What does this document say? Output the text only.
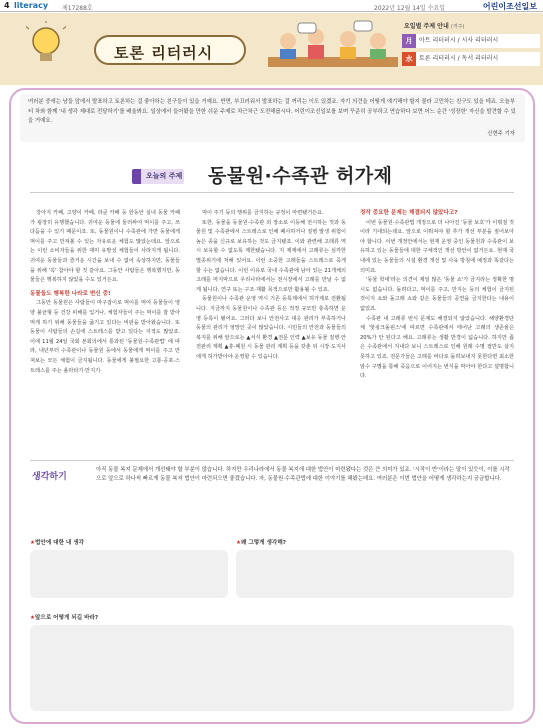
4 literacy 제17288호	2022년 12월 14일 수요일	어린이조선일보
토론 리터러시
요일별 주제 안내 (격주)
月	아트 리터러시 / 시사 리터러시
水	토론 리터러시 / 독서 리터러시
여러분 중에는 남들 앞에서 발표하고 토론하는 걸 좋아하는 친구들이 있을 거예요. 반면, 부끄러워서 발표하는 걸 꺼리는 이도 있겠죠. 자기 의견을 어떻게 얘기해야 할지 물라 고민하는 친구도 있을 테죠. 오늘부터 차와 함께 '내 생각 제대로 전달하기'를 배울봐요. 일상에서 들어봤을 만한 쉬운 주제로 차근차근 도전해봅시다. 어린이조선일보를 보며 꾸준히 공부하고 연습하다 보면 어느 순간 '성장한' 자신을 발견할 수 있을 거예요.
신현주 기자
오늘의 주제 동물원·수족관 허가제

강아지 카페, 고양이 카페, 라쿤 카페 등 한동안 실내 동물 카페가 굉장히 유행했습니다. 귀여운 동물에 둘러싸여 먹이를 주고, 쓰다듬을 수 있기 때문이죠. 또, 동물원이나 수족관에 가면 동물에게 먹이를 주고 만져볼 수 있는 자유로운 체험도 많았는데요. 앞으로는 이런 소비자들을 위한 재미 유발성 체험들이 사라지게 됩니다. 귀여운 동물들과 즐거운 시간을 보내 수 없어 속상하지만, 동물들을 위해 '꼭' 참아야 할 것 같아요. 그동안 사람들은 행복했지만, 동물들은 행복하지 않았을 수도 있거든요.

동물들도 행복한 나라로 변신 중!

그동안 동물원은 사람들이 마구잡이로 먹이를 먹여 동물들이 영양 불균형 등 건강 피해를 입거나, 체험자들이 주는 먹이를 잘 받아먹게 하기 위해 동물들을 굶기고 있다는 비판을 받아왔습니다. 또 동물이 사람들의 손길에 스트레스를 받고 있다는 지적도 많았죠. 이에 11월 24일 국회 본회의에서 통과된 '동물원·수족관법' 에 따라, 내년부터 수족관이나 동물원 등에서 동물에게 먹이를 주고 만져보는 모든 체험이 금지됩니다. 동물에게 불필요한 고통·공포·스트레스를 주는 올라타기·만지기·

먹이 주기 등의 행위를 금지하는 규정이 마련됐거든요.

또한, 동물을 동물원·수족관 외 장소로 이동해 전시하는 것과 동물원 및 수족관에서 스트레스로 인해 폐사하거나 질병 발생 위험이 높은 종을 신규로 보유하는 것도 금지됐죠. 이와 관련해 고래류 역시 보유할 수 없도록 제한됐습니다. 지 제재에서 고래류는 심각한 멸종위기에 처해 있어요. 이런 소중한 고래들을 스트레스로 죽게 할 수는 없습니다. 이런 이유로 국내 수족관에 남아 있는 21개체의 고래를 마지막으로 우리나라에서는 전시장에서 고래를 만날 수 없게 됩니다. 연구 또는 구조·재활 목적으로만 활용될 수 있죠.

동물원이나 수족관 운영 역시 기존 등록제에서 허가제로 전환됩니다. 지금까지 동물원이나 수족관 등은 적정 규모만 충족하면 운영 등록이 됐어요. 그러다 보니 안전사고 대응 관리가 부족하거나 동물의 관리가 엉망인 곳이 많았습니다. 시민들의 안전과 동물들의 복지를 위해 앞으로는 ▲서식 환경 ▲전문 인력 ▲보유 동물 질병·안전관리 계획 ▲휴·폐원 시 동물 관리 계획 등을 갖춘 뒤 시장·도지사에게 허가받아야 운영할 수 있습니다.

정작 중요한 문제는 해결되지 않았다고?

이번 동물원·수족관법 개정으로 더 나아진 '동물 보호'가 이뤄질 것이라 기대되는데요. 앞으로 이뤄져야 할 추가 개선 부분을 짚어보아야 합니다. 이번 개정안에서는 현재 운영 중인 동물원과 수족관이 보유하고 있는 동물들에 대한 구체적인 개선 방안이 없거든요. 현재 국내에 있는 동물들의 시설 환경 개선 및 사육 방침에 예정과 똑같다는 의미죠.

'동물 학대'라는 의견이 제일 많은 '동물 쇼'가 금지라는 정확한 명시도 없습니다. 돌려다고, 먹이를 주고, 만지는 등의 체험이 금지된 것이지 쇼와 돌고래 쇼와 같은 동물들의 공연을 금지한다는 내용이 없었죠.

수족관 내 고래류 번식 문제도 해결되지 않았습니다. 해양환경단체 '핫핑크돌핀스'에 따르면 수족관에서 태어난 고래의 생존율은 20%가 안 된다고 해요. 고래류는 생활 반경이 넓습니다. 하지만 좁은 수족관에서 지내다 보니 스트레스로 인해 원래 수명 절반도 살지 못하고 있죠. 전문가들은 고래를 바다로 돌려보내지 못한다면 최소한 암수 구별을 통해 죽음으로 이어지는 번식을 막아야 한다고 설명합니다.

생각하기
아직 동물 복지 문제에서 개선돼야 할 부분이 많습니다. 하지만 우리나라에서 동물 복지에 대한 법안이 마련됐다는 것은 큰 의미가 있죠. '시작이 반'이라는 말이 있듯이, 이를 시작으로 앞으로 하나씩 빠르게 동물 복지 법안이 마련되으면 좋겠습니다. 자, 동물원·수족관법에 대한 이야기를 해봤는데요. 여러분은 이번 법안을 어떻게 생각하는지 궁금합니다.
★법안에 대한 내 생각	★왜 그렇게 생각해?
★앞으로 어떻게 되길 바라?
